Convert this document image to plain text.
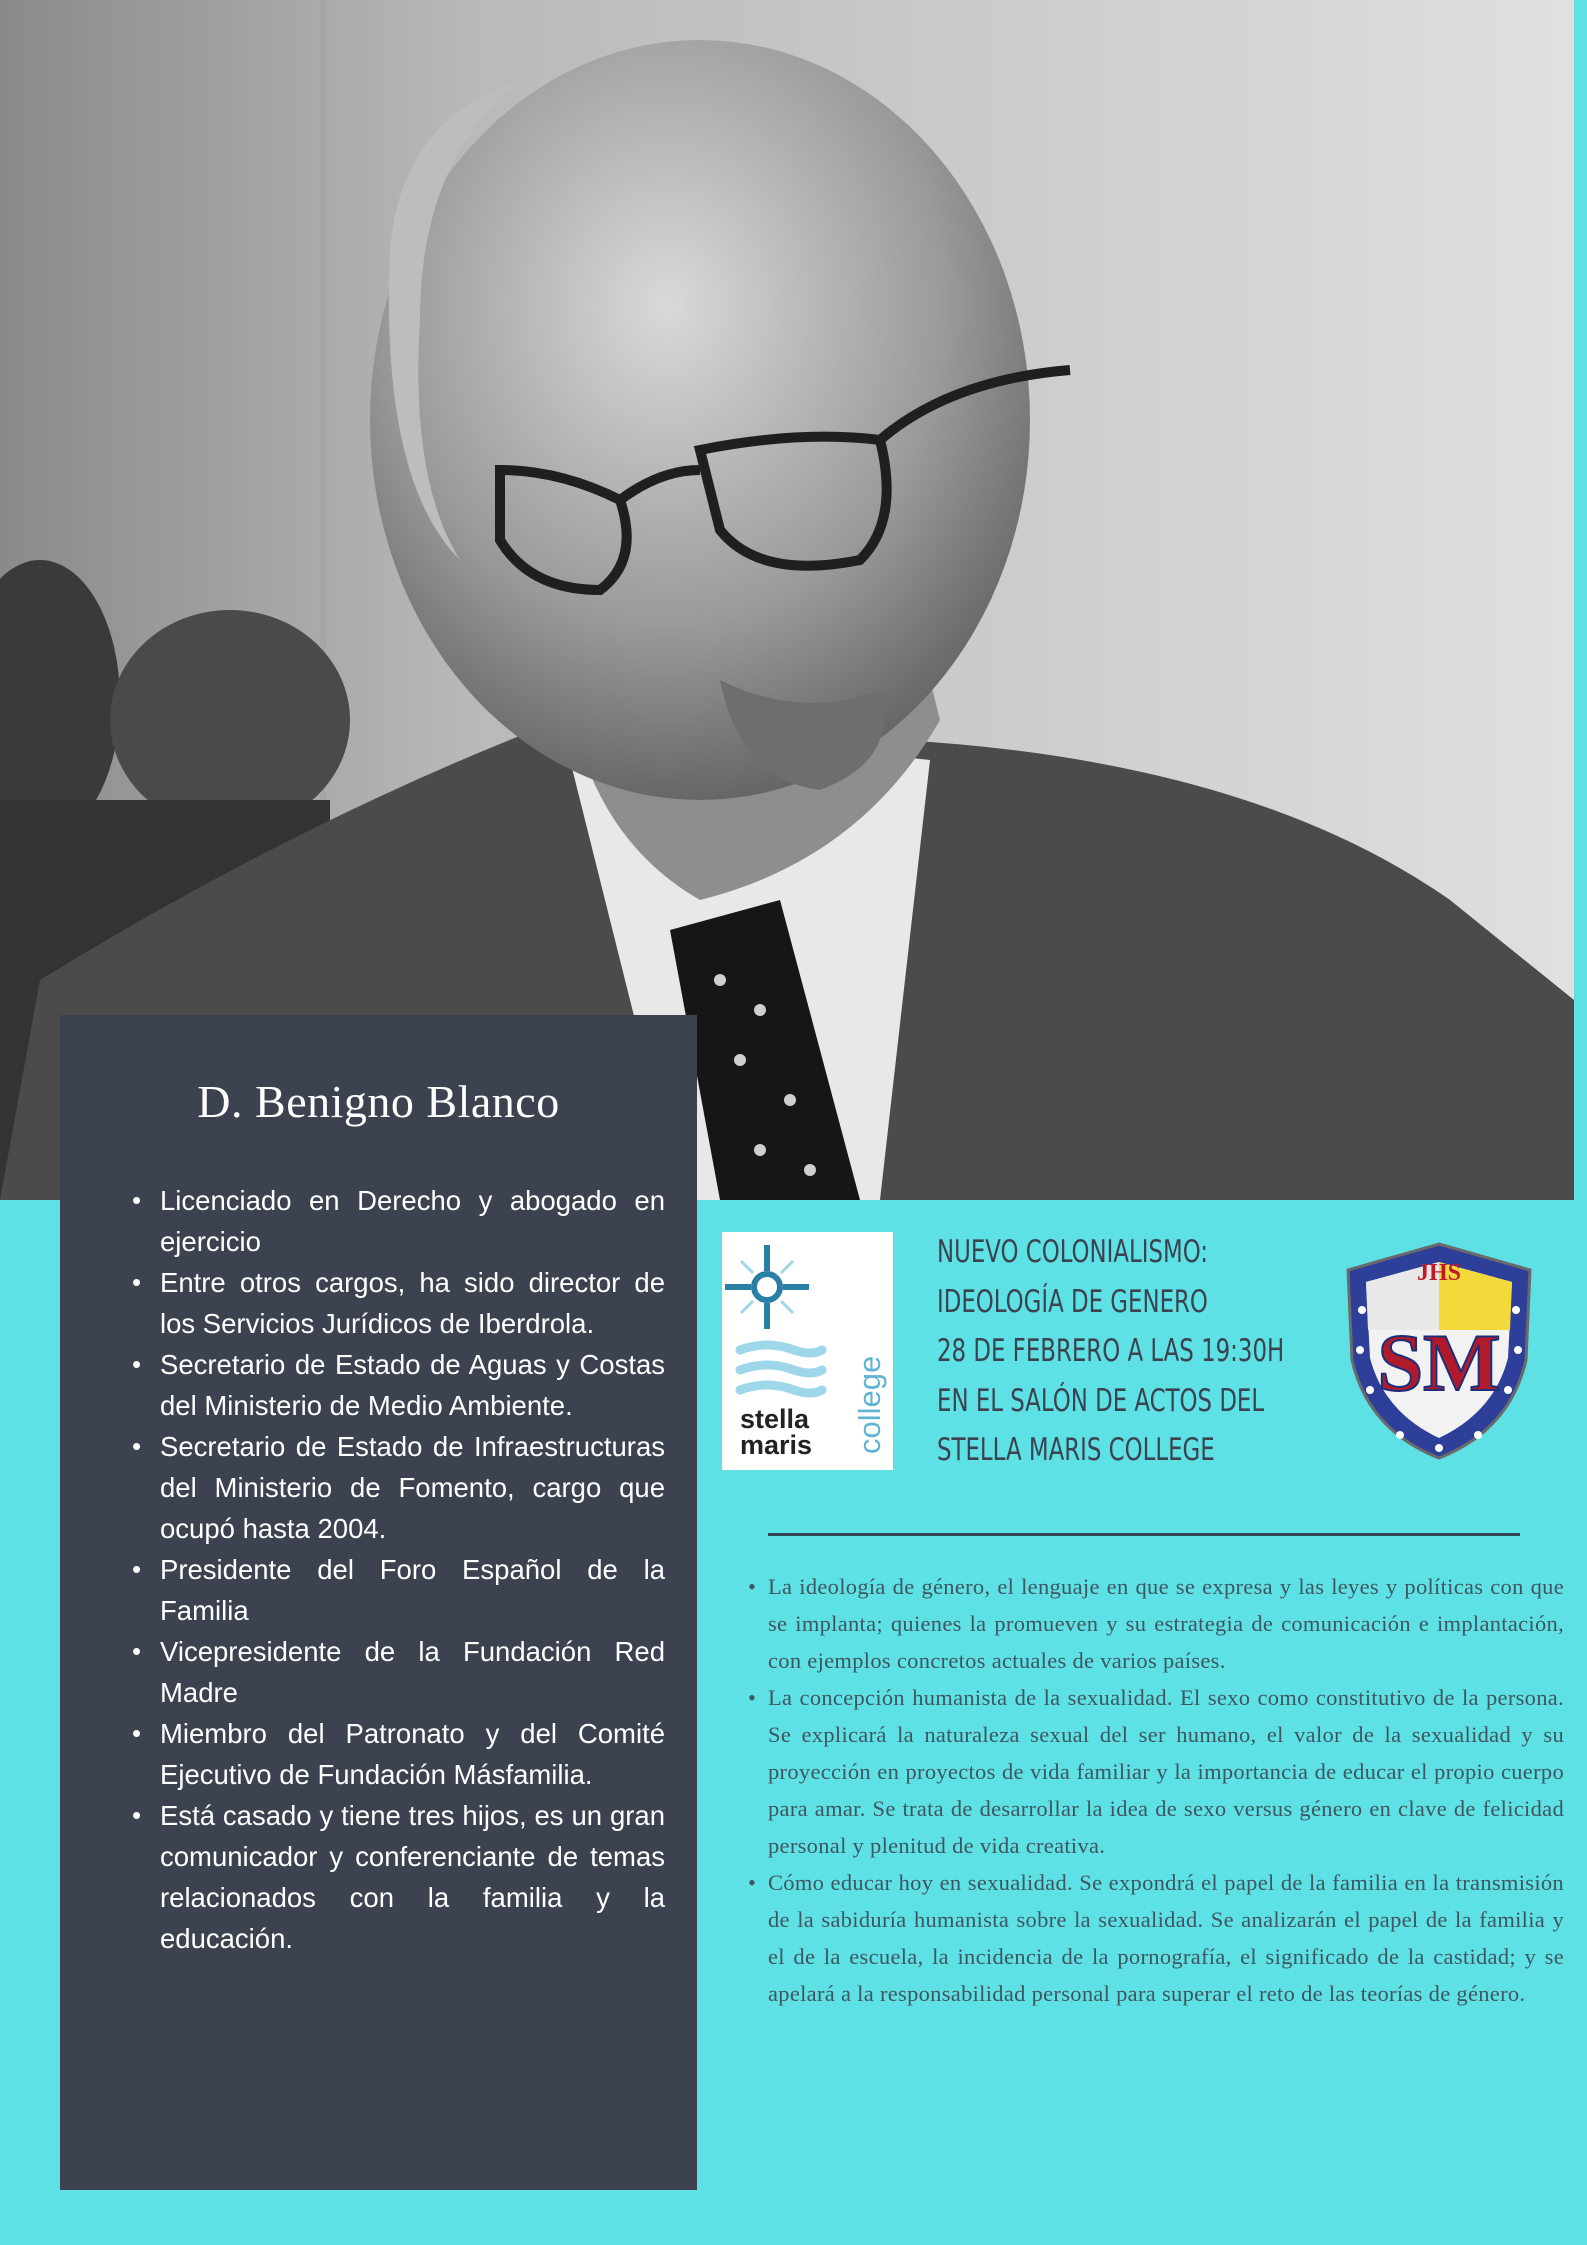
D. Benigno Blanco
• Licenciado en Derecho y abogado en ejercicio
• Entre otros cargos, ha sido director de los Servicios Jurídicos de Iberdrola.
• Secretario de Estado de Aguas y Costas del Ministerio de Medio Ambiente.
• Secretario de Estado de Infraestructuras del Ministerio de Fomento, cargo que ocupó hasta 2004.
• Presidente del Foro Español de la Familia
• Vicepresidente de la Fundación Red Madre
• Miembro del Patronato y del Comité Ejecutivo de Fundación Másfamilia.
• Está casado y tiene tres hijos, es un gran comunicador y conferenciante de temas relacionados con la familia y la educación.
stella
maris college
NUEVO COLONIALISMO:
IDEOLOGÍA DE GENERO
28 DE FEBRERO A LAS 19:30H
EN EL SALÓN DE ACTOS DEL
STELLA MARIS COLLEGE
JHS
SM
• La ideología de género, el lenguaje en que se expresa y las leyes y políticas con que se implanta; quienes la promueven y su estrategia de comunicación e implantación, con ejemplos concretos actuales de varios países.
• La concepción humanista de la sexualidad. El sexo como constitutivo de la persona. Se explicará la naturaleza sexual del ser humano, el valor de la sexualidad y su proyección en proyectos de vida familiar y la importancia de educar el propio cuerpo para amar. Se trata de desarrollar la idea de sexo versus género en clave de felicidad personal y plenitud de vida creativa.
• Cómo educar hoy en sexualidad. Se expondrá el papel de la familia en la transmisión de la sabiduría humanista sobre la sexualidad. Se analizarán el papel de la familia y el de la escuela, la incidencia de la pornografía, el significado de la castidad; y se apelará a la responsabilidad personal para superar el reto de las teorías de género.
